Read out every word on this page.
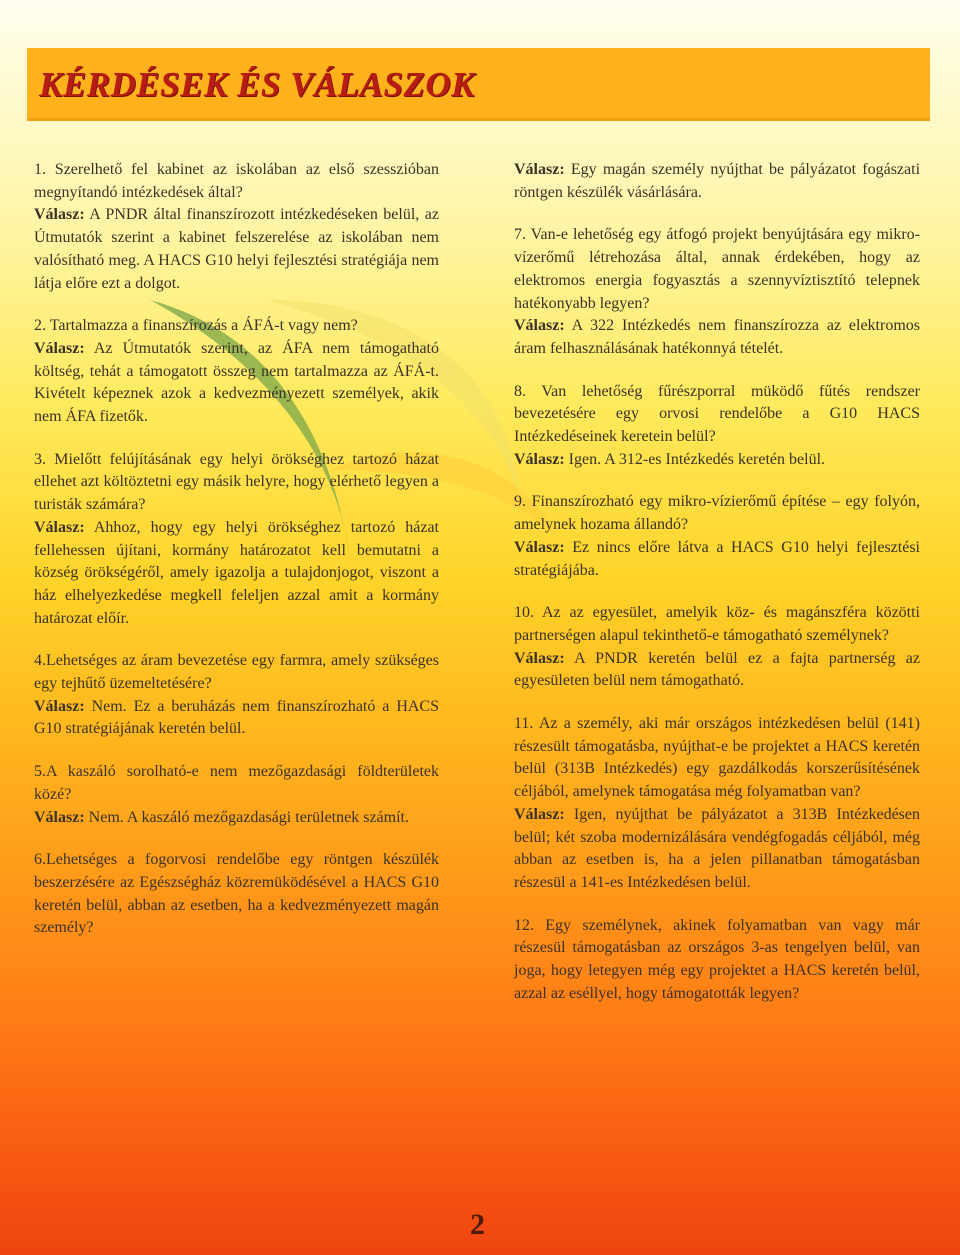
KÉRDÉSEK ÉS VÁLASZOK
1. Szerelhető fel kabinet az iskolában az első szesszióban megnyítandó intézkedések által?
Válasz: A PNDR által finanszírozott intézkedéseken belül, az Útmutatók szerint a kabinet felszerelése az iskolában nem valósítható meg. A HACS G10 helyi fejlesztési stratégiája nem látja előre ezt a dolgot.
2. Tartalmazza a finanszírozás a ÁFÁ-t vagy nem?
Válasz: Az Útmutatók szerint, az ÁFA nem támogatható költség, tehát a támogatott összeg nem tartalmazza az ÁFÁ-t. Kivételt képeznek azok a kedvezményezett személyek, akik nem ÁFA fizetők.
3. Mielőtt felújításának egy helyi örökséghez tartozó házat ellehet azt költöztetni egy másik helyre, hogy elérhető legyen a turisták számára?
Válasz: Ahhoz, hogy egy helyi örökséghez tartozó házat fellehessen újítani, kormány határozatot kell bemutatni a község örökségéről, amely igazolja a tulajdonjogot, viszont a ház elhelyezkedése megkell feleljen azzal amit a kormány határozat előír.
4.Lehetséges az áram bevezetése egy farmra, amely szükséges egy tejhűtő üzemeltetésére?
Válasz: Nem. Ez a beruházás nem finanszírozható a HACS G10 stratégiájának keretén belül.
5.A kaszáló sorolható-e nem mezőgazdasági földterületek közé?
Válasz: Nem. A kaszáló mezőgazdasági területnek számít.
6.Lehetséges a fogorvosi rendelőbe egy röntgen készülék beszerzésére az Egészségház közremüködésével a HACS G10 keretén belül, abban az esetben, ha a kedvezményezett magán személy?
Válasz: Egy magán személy nyújthat be pályázatot fogászati röntgen készülék vásárlására.
7. Van-e lehetőség egy átfogó projekt benyújtására egy mikro-vízerőmű létrehozása által, annak érdekében, hogy az elektromos energia fogyasztás a szennyvíztisztító telepnek hatékonyabb legyen?
Válasz: A 322 Intézkedés nem finanszírozza az elektromos áram felhasználásának hatékonnyá tételét.
8. Van lehetőség fűrészporral müködő fűtés rendszer bevezetésére egy orvosi rendelőbe a G10 HACS Intézkedéseinek keretein belül?
Válasz: Igen. A 312-es Intézkedés keretén belül.
9. Finanszírozható egy mikro-vízierőmű építése – egy folyón, amelynek hozama állandó?
Válasz: Ez nincs előre látva a HACS G10 helyi fejlesztési stratégiájába.
10. Az az egyesület, amelyik köz- és magánszféra közötti partnerségen alapul tekinthető-e támogatható személynek?
Válasz: A PNDR keretén belül ez a fajta partnerség az egyesületen belül nem támogatható.
11. Az a személy, aki már országos intézkedésen belül (141) részesült támogatásba, nyújthat-e be projektet a HACS keretén belül (313B Intézkedés) egy gazdálkodás korszerűsítésének céljából, amelynek támogatása még folyamatban van?
Válasz: Igen, nyújthat be pályázatot a 313B Intézkedésen belül; két szoba modernizálására vendégfogadás céljából, még abban az esetben is, ha a jelen pillanatban támogatásban részesül a 141-es Intézkedésen belül.
12. Egy személynek, akinek folyamatban van vagy már részesül támogatásban az országos 3-as tengelyen belül, van joga, hogy letegyen még egy projektet a HACS keretén belül, azzal az eséllyel, hogy támogatották legyen?
2
